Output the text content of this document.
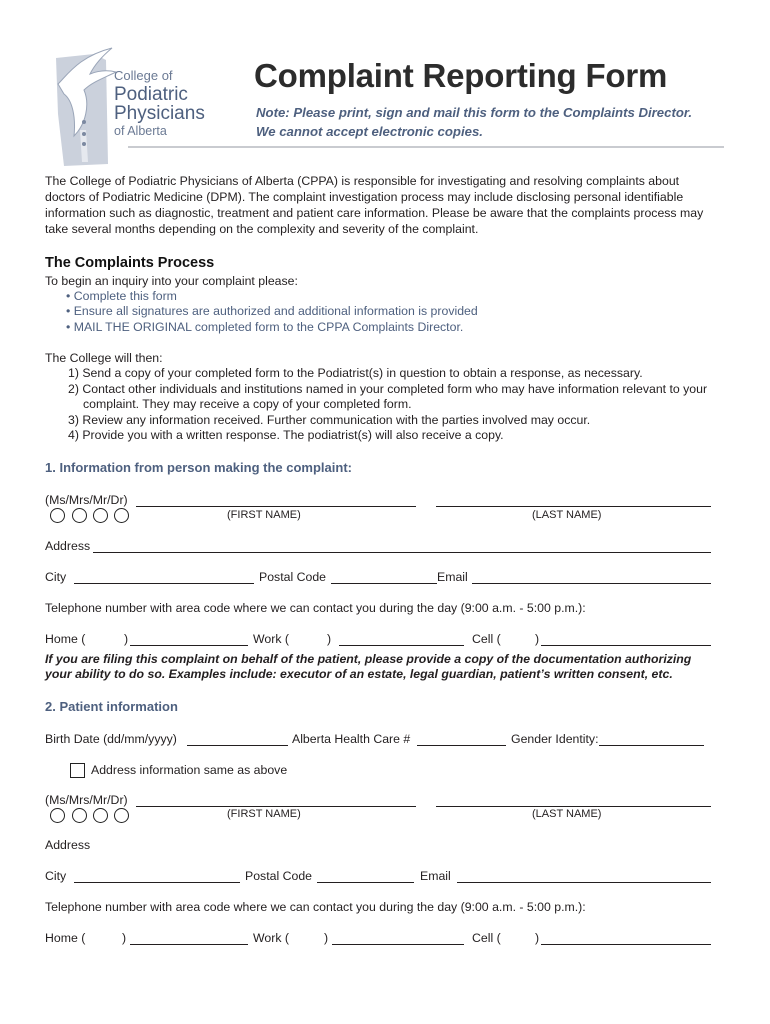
College of
Podiatric
Physicians
of Alberta
Complaint Reporting Form
Note: Please print, sign and mail this form to the Complaints Director.
We cannot accept electronic copies.
The College of Podiatric Physicians of Alberta (CPPA) is responsible for investigating and resolving complaints about
doctors of Podiatric Medicine (DPM). The complaint investigation process may include disclosing personal identifiable
information such as diagnostic, treatment and patient care information. Please be aware that the complaints process may
take several months depending on the complexity and severity of the complaint.
The Complaints Process
To begin an inquiry into your complaint please:
• Complete this form
• Ensure all signatures are authorized and additional information is provided
• MAIL THE ORIGINAL completed form to the CPPA Complaints Director.
The College will then:
1) Send a copy of your completed form to the Podiatrist(s) in question to obtain a response, as necessary.
2) Contact other individuals and institutions named in your completed form who may have information relevant to your
complaint. They may receive a copy of your completed form.
3) Review any information received. Further communication with the parties involved may occur.
4) Provide you with a written response. The podiatrist(s) will also receive a copy.
1. Information from person making the complaint:
(Ms/Mrs/Mr/Dr)
(FIRST NAME)	(LAST NAME)
Address
City	Postal Code	Email
Telephone number with area code where we can contact you during the day (9:00 a.m. - 5:00 p.m.):
Home (	)	Work (	)	Cell (	)
If you are filing this complaint on behalf of the patient, please provide a copy of the documentation authorizing
your ability to do so. Examples include: executor of an estate, legal guardian, patient’s written consent, etc.
2. Patient information
Birth Date (dd/mm/yyyy)	Alberta Health Care #	Gender Identity:
Address information same as above
(Ms/Mrs/Mr/Dr)
(FIRST NAME)	(LAST NAME)
Address
City	Postal Code	Email
Telephone number with area code where we can contact you during the day (9:00 a.m. - 5:00 p.m.):
Home (	)	Work (	)	Cell (	)
